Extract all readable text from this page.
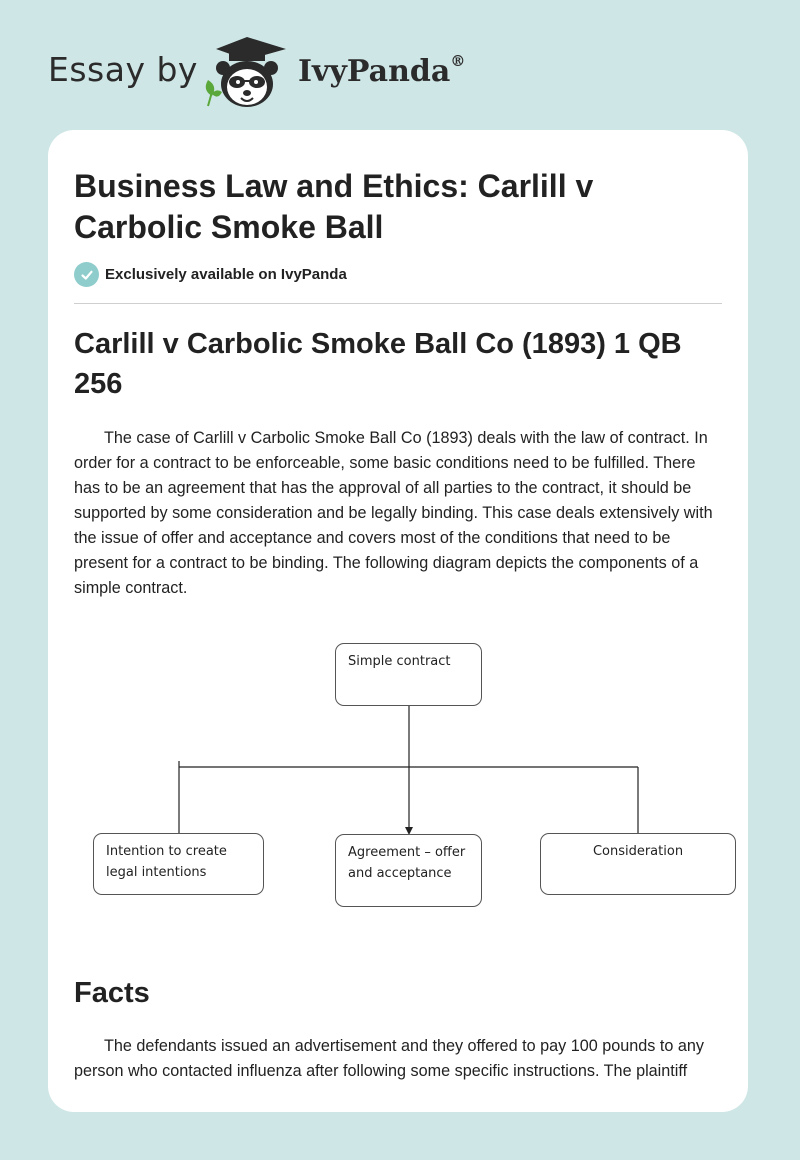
Essay by	IvyPanda®
Business Law and Ethics: Carlill v Carbolic Smoke Ball
Exclusively available on IvyPanda
Carlill v Carbolic Smoke Ball Co (1893) 1 QB 256

The case of Carlill v Carbolic Smoke Ball Co (1893) deals with the law of contract. In order for a contract to be enforceable, some basic conditions need to be fulfilled. There has to be an agreement that has the approval of all parties to the contract, it should be supported by some consideration and be legally binding. This case deals extensively with the issue of offer and acceptance and covers most of the conditions that need to be present for a contract to be binding. The following diagram depicts the components of a simple contract.

Simple contract
Intention to create legal intentions
Agreement – offer and acceptance
Consideration
Facts

The defendants issued an advertisement and they offered to pay 100 pounds to any person who contacted influenza after following some specific instructions. The plaintiff
